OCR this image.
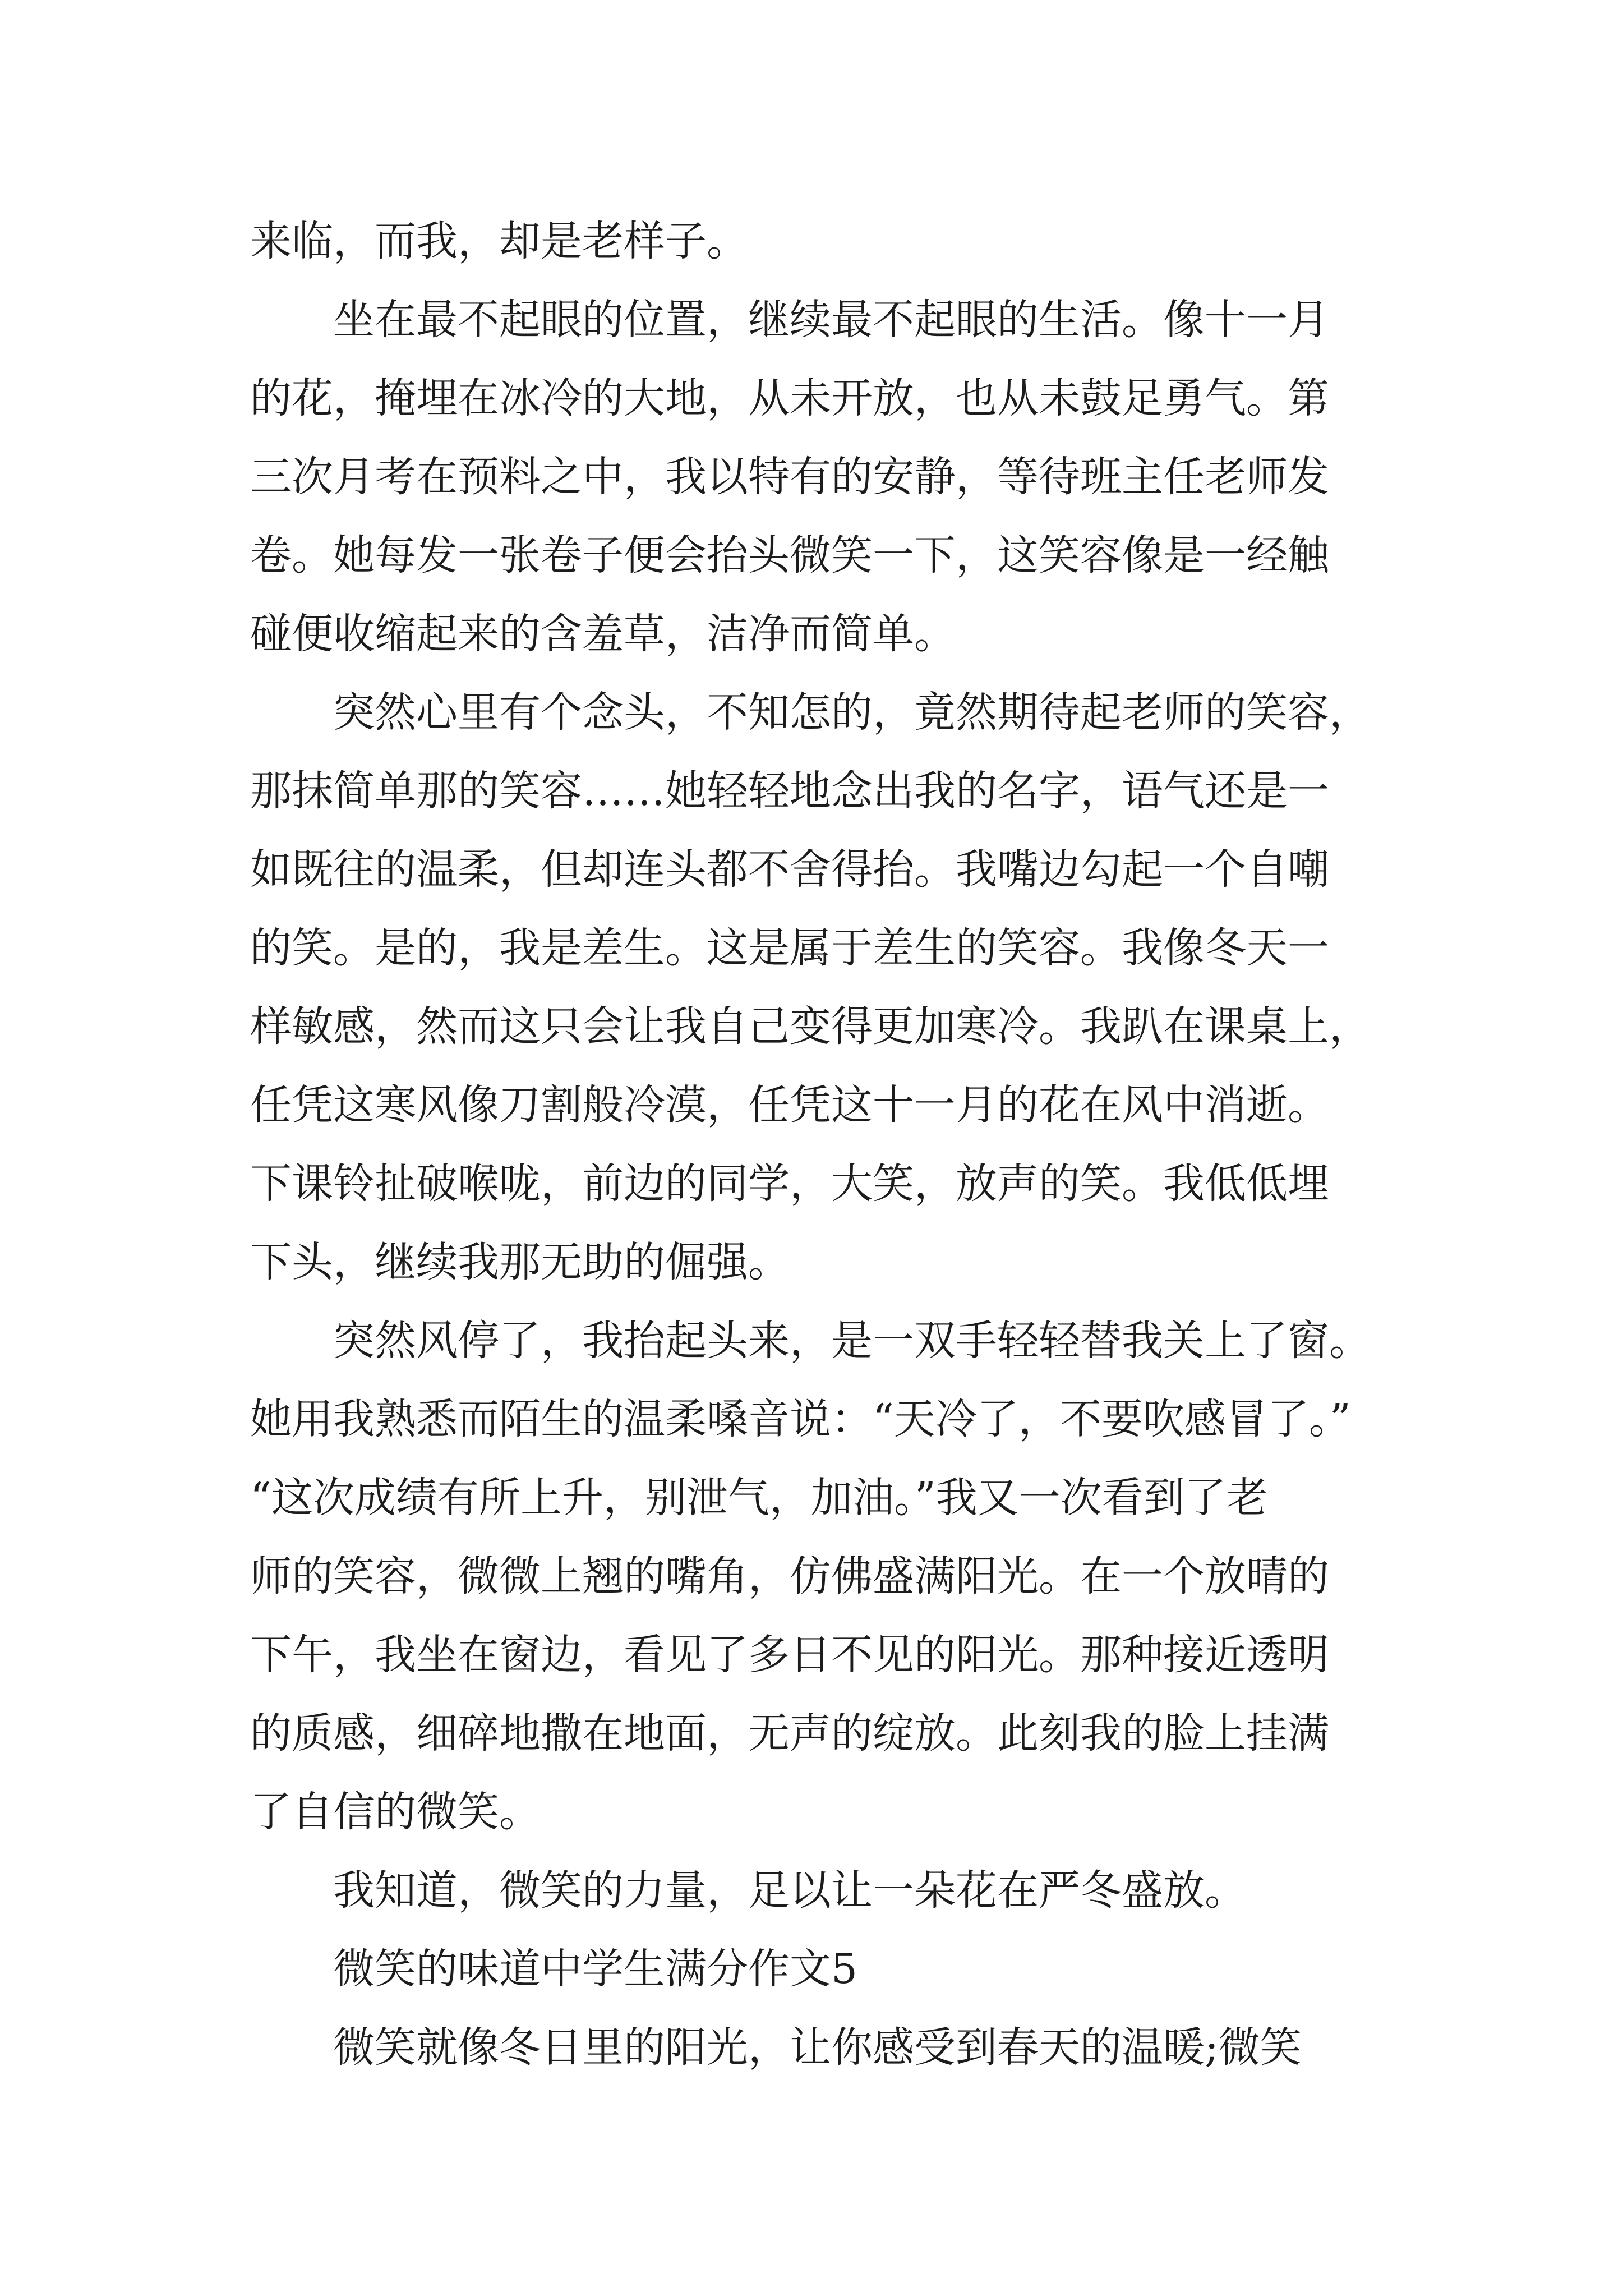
来临，而我，却是老样子。
坐在最不起眼的位置，继续最不起眼的生活。像十一月
的花，掩埋在冰冷的大地，从未开放，也从未鼓足勇气。第
三次月考在预料之中，我以特有的安静，等待班主任老师发
卷。她每发一张卷子便会抬头微笑一下，这笑容像是一经触
碰便收缩起来的含羞草，洁净而简单。
突然心里有个念头，不知怎的，竟然期待起老师的笑容，
那抹简单那的笑容……她轻轻地念出我的名字，语气还是一
如既往的温柔，但却连头都不舍得抬。我嘴边勾起一个自嘲
的笑。是的，我是差生。这是属于差生的笑容。我像冬天一
样敏感，然而这只会让我自己变得更加寒冷。我趴在课桌上，
任凭这寒风像刀割般冷漠，任凭这十一月的花在风中消逝。
下课铃扯破喉咙，前边的同学，大笑，放声的笑。我低低埋
下头，继续我那无助的倔强。
突然风停了，我抬起头来，是一双手轻轻替我关上了窗。
她用我熟悉而陌生的温柔嗓音说：“天冷了，不要吹感冒了。”
“这次成绩有所上升，别泄气，加油。”我又一次看到了老
师的笑容，微微上翘的嘴角，仿佛盛满阳光。在一个放晴的
下午，我坐在窗边，看见了多日不见的阳光。那种接近透明
的质感，细碎地撒在地面，无声的绽放。此刻我的脸上挂满
了自信的微笑。
我知道，微笑的力量，足以让一朵花在严冬盛放。
微笑的味道中学生满分作文5
微笑就像冬日里的阳光，让你感受到春天的温暖;微笑
